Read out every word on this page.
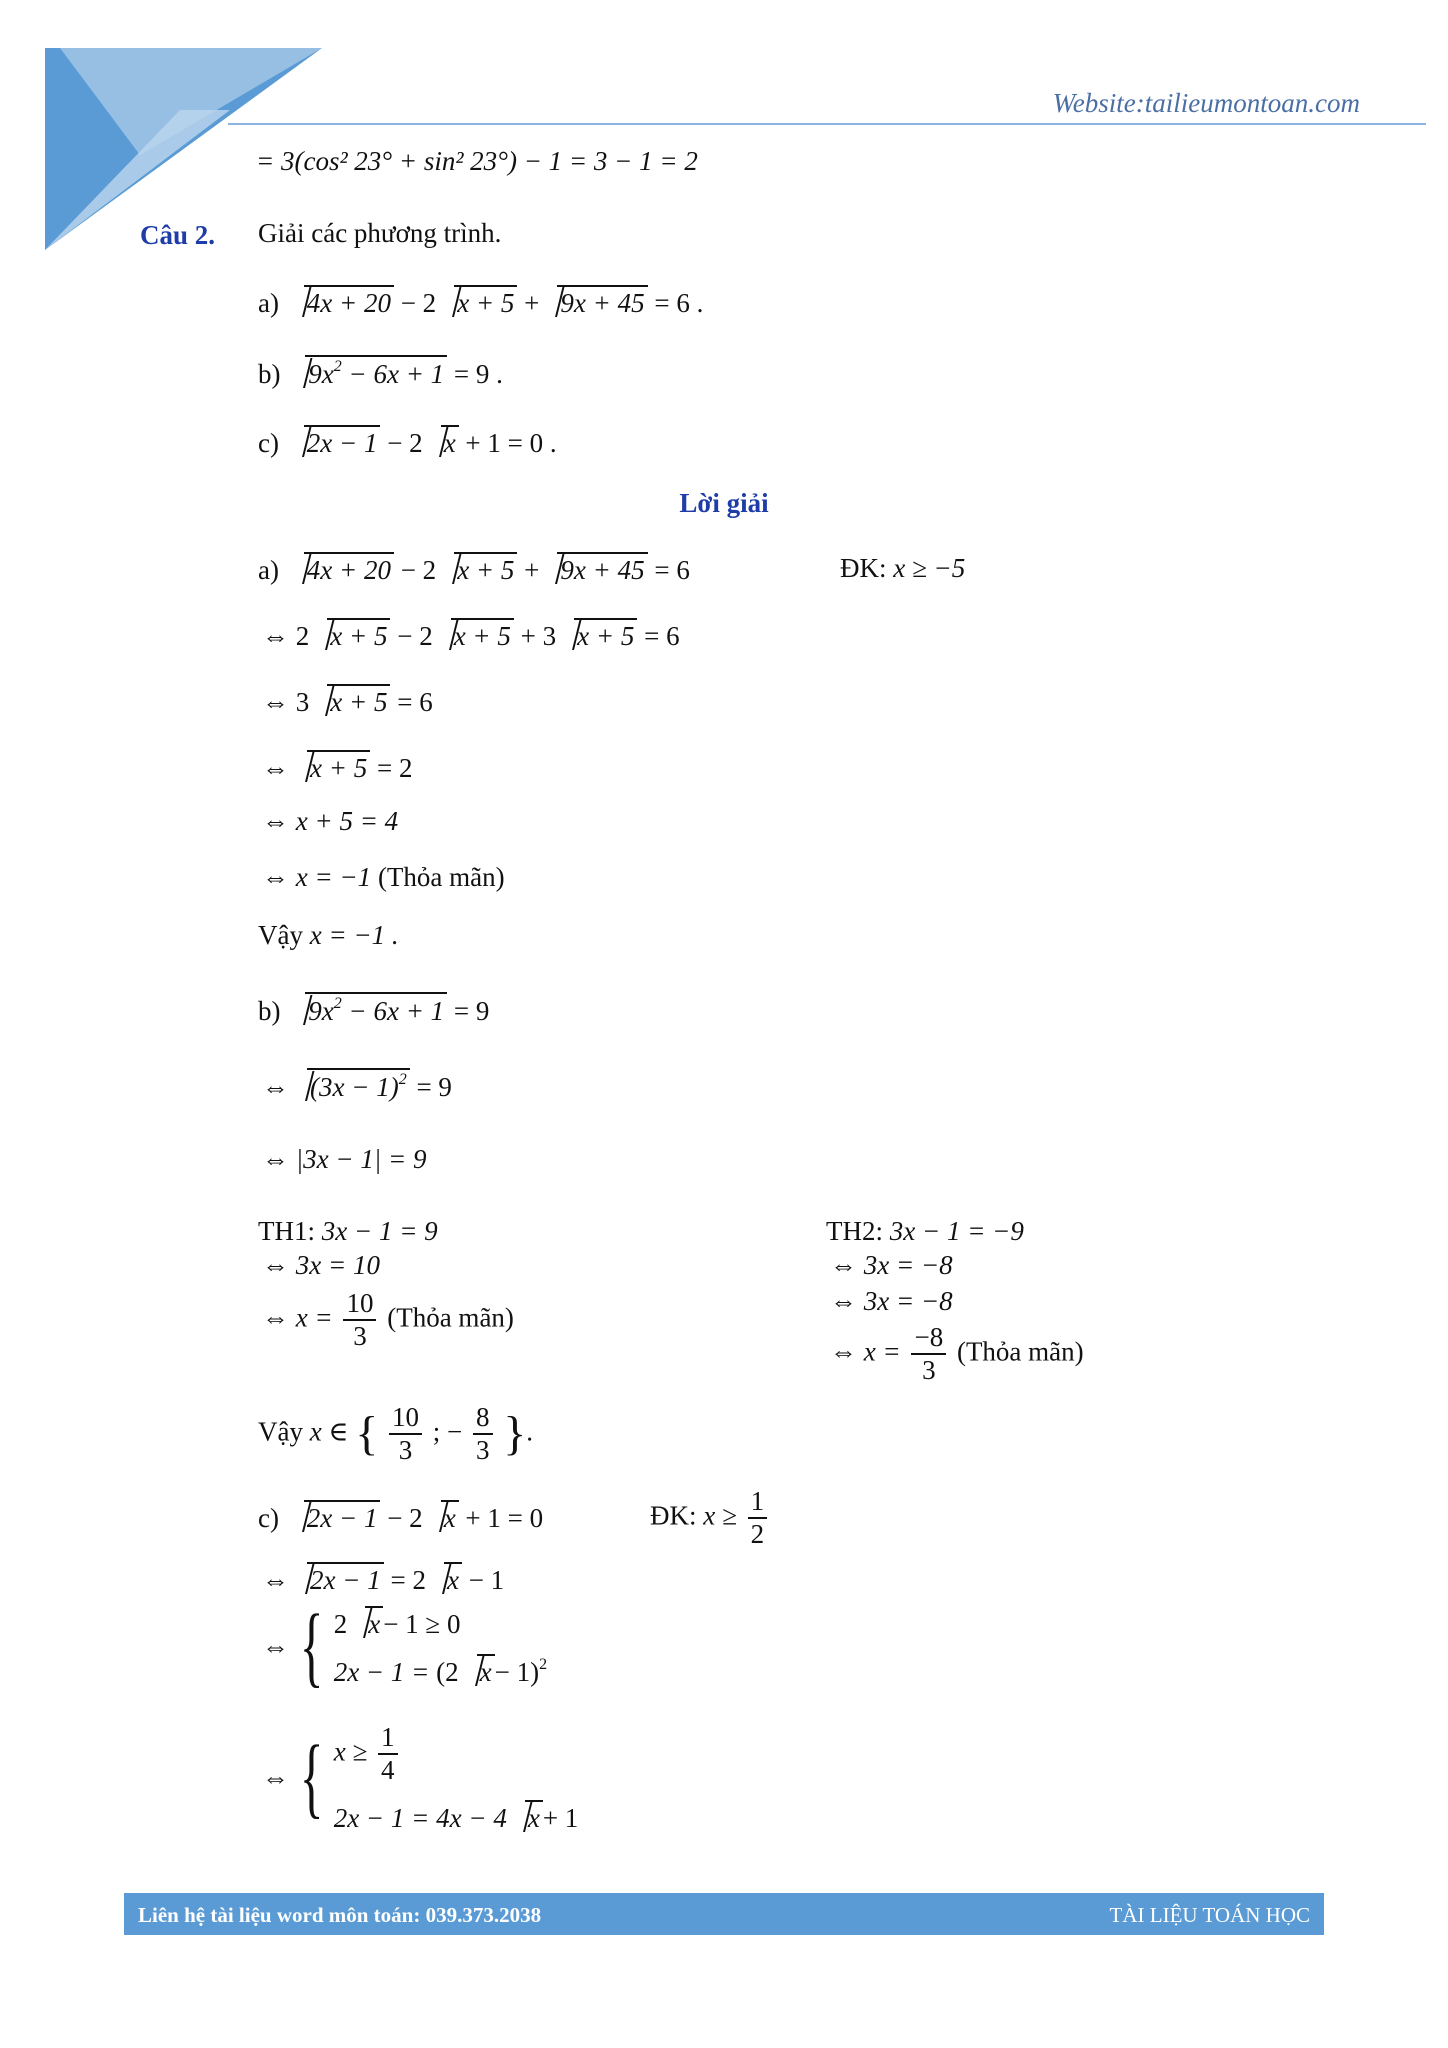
Website:tailieumontoan.com
= 3(cos² 23° + sin² 23°) − 1 = 3 − 1 = 2
Câu 2. Giải các phương trình.
a) 4x + 20 − 2 x + 5 + 9x + 45 = 6 .
b) $9x^2 - 6x + 1 = 9$ .
c) 2x − 1 − 2 x + 1 = 0 .
Lời giải
a) 4x + 20 − 2 x + 5 + 9x + 45 = 6	ĐK: x ≥ −5
⇔ 2 x + 5 − 2 x + 5 + 3 x + 5 = 6
⇔ 3 x + 5 = 6
⇔ x + 5 = 2
⇔ x + 5 = 4
⇔ x = −1 (Thỏa mãn)
Vậy x = −1 .
b) $9x^2 - 6x + 1 = 9$
⇔ $(3x - 1)^2 = 9$
⇔ |3x − 1| = 9
TH1: 3x − 1 = 9
⇔ 3x = 10
⇔ $x = \frac{10}{3}$ (Thỏa mãn)
TH2: 3x − 1 = −9
⇔ 3x = −8
⇔ 3x = −8
⇔ $x = \frac{-8}{3}$ (Thỏa mãn)
Vậy x ∈ { $\frac{10}{3}$ ; − $\frac{8}{3}$ }.
c) 2x − 1 − 2 x + 1 = 0	ĐK: $x \ge \frac{1}{2}$
⇔ 2x − 1 = 2 x − 1
⇔ { 2 x − 1 ≥ 0
2x − 1 = (2 x − 1)$^2$
⇔ { $x \ge \frac{1}{4}$
2x − 1 = 4x − 4 x + 1
Liên hệ tài liệu word môn toán: 039.373.2038	TÀI LIỆU TOÁN HỌC
